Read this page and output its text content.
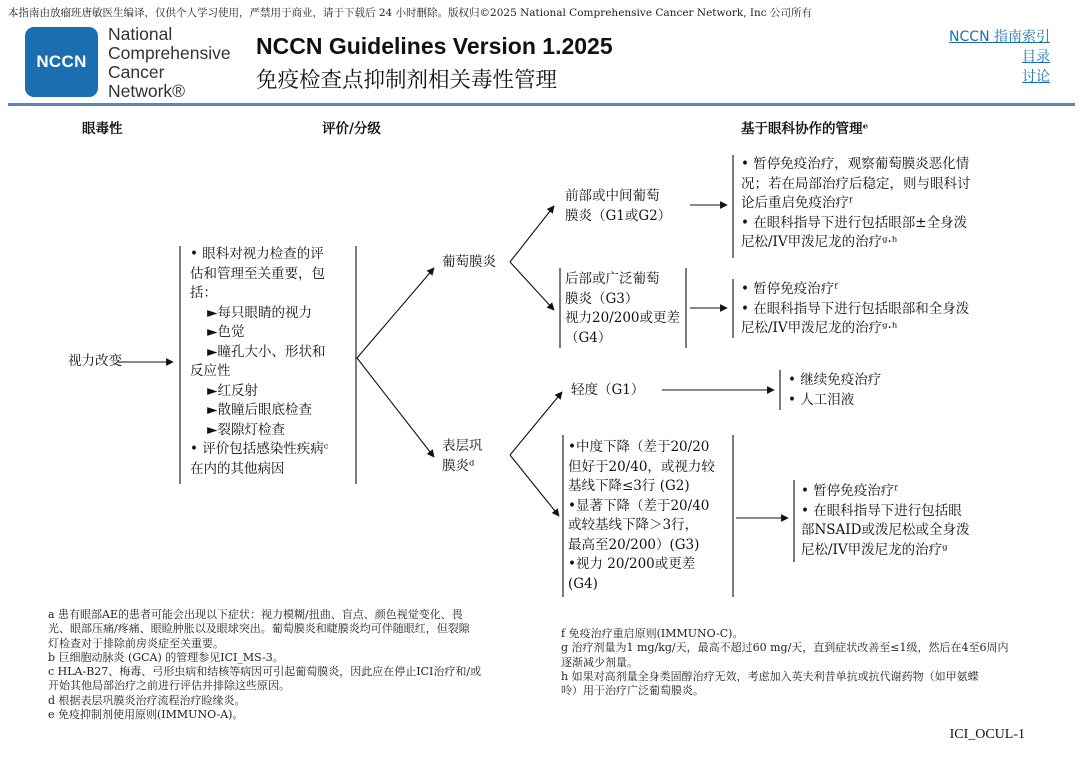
本指南由放瘤班唐敏医生编译，仅供个人学习使用，严禁用于商业，请于下载后 24 小时删除。版权归©2025 National Comprehensive Cancer Network, Inc 公司所有
NCCN
National
Comprehensive
Cancer
Network®
NCCN Guidelines Version 1.2025
免疫检查点抑制剂相关毒性管理
NCCN 指南索引
目录
讨论
眼毒性	评价/分级	基于眼科协作的管理ᵉ
视力改变
• 眼科对视力检查的评
估和管理至关重要，包
括：
►每只眼睛的视力
►色觉
►瞳孔大小、形状和
反应性
►红反射
►散瞳后眼底检查
►裂隙灯检查
• 评价包括感染性疾病ᶜ
在内的其他病因
葡萄膜炎
前部或中间葡萄
膜炎（G1或G2）
• 暂停免疫治疗，观察葡萄膜炎恶化情
况；若在局部治疗后稳定，则与眼科讨
论后重启免疫治疗ᶠ
• 在眼科指导下进行包括眼部±全身泼
尼松/IV甲泼尼龙的治疗ᵍ·ʰ
后部或广泛葡萄
膜炎（G3）
视力20/200或更差
（G4）
• 暂停免疫治疗ᶠ
• 在眼科指导下进行包括眼部和全身泼
尼松/IV甲泼尼龙的治疗ᵍ·ʰ
表层巩
膜炎ᵈ
轻度（G1）
• 继续免疫治疗
• 人工泪液
•中度下降（差于20/20
但好于20/40，或视力较
基线下降≤3行 (G2)
•显著下降（差于20/40
或较基线下降＞3行，
最高至20/200）(G3)
•视力 20/200或更差
(G4)
• 暂停免疫治疗ᶠ
• 在眼科指导下进行包括眼
部NSAID或泼尼松或全身泼
尼松/IV甲泼尼龙的治疗ᵍ
a 患有眼部AE的患者可能会出现以下症状：视力模糊/扭曲、盲点、颜色视觉变化、畏
光、眼部压痛/疼痛、眼睑肿胀以及眼球突出。葡萄膜炎和睫膜炎均可伴随眼红，但裂隙
灯检查对于排除前房炎症至关重要。
b 巨细胞动脉炎 (GCA) 的管理参见ICI_MS-3。
c HLA-B27、梅毒、弓形虫病和结核等病因可引起葡萄膜炎，因此应在停止ICI治疗和/或
开始其他局部治疗之前进行评估并排除这些原因。
d 根据表层巩膜炎治疗流程治疗睑缘炎。
e 免疫抑制剂使用原则(IMMUNO-A)。
f 免疫治疗重启原则(IMMUNO-C)。
g 治疗剂量为1 mg/kg/天，最高不超过60 mg/天，直到症状改善至≤1级，然后在4至6周内
逐渐减少剂量。
h 如果对高剂量全身类固醇治疗无效，考虑加入英夫利昔单抗或抗代谢药物（如甲氨蝶
呤）用于治疗广泛葡萄膜炎。
ICI_OCUL-1
